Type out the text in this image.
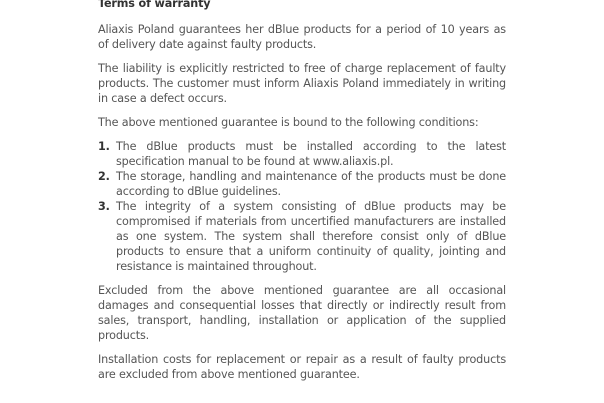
Terms of warranty

Aliaxis Poland guarantees her dBlue products for a period of 10 years as of delivery date against faulty products.

The liability is explicitly restricted to free of charge replacement of faulty products. The customer must inform Aliaxis Poland immediately in writing in case a defect occurs.

The above mentioned guarantee is bound to the following conditions:

1. The dBlue products must be installed according to the latest specification manual to be found at www.aliaxis.pl.
2. The storage, handling and maintenance of the products must be done according to dBlue guidelines.
3. The integrity of a system consisting of dBlue products may be compromised if materials from uncertified manufacturers are installed as one system. The system shall therefore consist only of dBlue products to ensure that a uniform continuity of quality, jointing and resistance is maintained throughout.

Excluded from the above mentioned guarantee are all occasional damages and consequential losses that directly or indirectly result from sales, transport, handling, installation or application of the supplied products.

Installation costs for replacement or repair as a result of faulty products are excluded from above mentioned guarantee.
